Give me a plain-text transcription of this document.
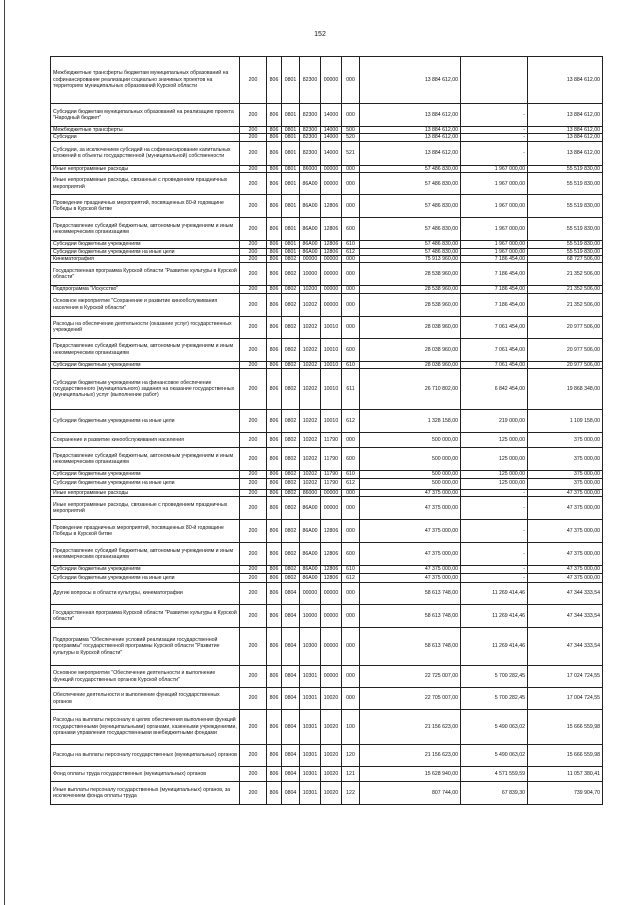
152
Межбюджетные трансферты бюджетам муниципальных образований на софинансирование реализации социально значимых проектов на территориях муниципальных образований Курской области	200	806	0801	82300	00000	000	13 884 612,00		13 884 612,00
Субсидии бюджетам муниципальных образований на реализацию проекта "Народный бюджет"	200	806	0801	82300	14000	000	13 884 612,00	-	13 884 612,00
Межбюджетные трансферты	200	806	0801	82300	14000	500	13 884 612,00	-	13 884 612,00
Субсидии	200	806	0801	82300	14000	520	13 884 612,00	-	13 884 612,00
Субсидии, за исключением субсидий на софинансирование капитальных вложений в объекты государственной (муниципальной) собственности	200	806	0801	82300	14000	521	13 884 612,00	-	13 884 612,00
Иные непрограммные расходы	200	806	0801	86000	00000	000	57 486 830,00	1 967 000,00	55 519 830,00
Иные непрограммные расходы, связанные с проведением праздничных мероприятий	200	806	0801	86А00	00000	000	57 486 830,00	1 967 000,00	55 519 830,00
Проведение праздничных мероприятий, посвященных 80-й годовщине Победы в Курской битве	200	806	0801	86А00	12806	000	57 486 830,00	1 967 000,00	55 519 830,00
Предоставление субсидий бюджетным, автономным учреждениям и иным некоммерческим организациям	200	806	0801	86А00	12806	600	57 486 830,00	1 967 000,00	55 519 830,00
Субсидии бюджетным учреждениям	200	806	0801	86А00	12806	610	57 486 830,00	1 967 000,00	55 519 830,00
Субсидии бюджетным учреждениям на иные цели	200	806	0801	86А00	12806	612	57 486 830,00	1 967 000,00	55 519 830,00
Кинематография	200	806	0802	00000	00000	000	75 913 960,00	7 186 454,00	68 727 506,00
Государственная программа Курской области "Развитие культуры в Курской области"	200	806	0802	10000	00000	000	28 538 960,00	7 186 454,00	21 352 506,00
Подпрограмма "Искусство"	200	806	0802	10200	00000	000	28 538 960,00	7 186 454,00	21 352 506,00
Основное мероприятие "Сохранение и развитие кинообслуживания населения в Курской области"	200	806	0802	10202	00000	000	28 538 960,00	7 186 454,00	21 352 506,00
Расходы на обеспечение деятельности (оказание услуг) государственных учреждений	200	806	0802	10202	10010	000	28 038 960,00	7 061 454,00	20 977 506,00
Предоставление субсидий бюджетным, автономным учреждениям и иным некоммерческим организациям	200	806	0802	10202	10010	600	28 038 960,00	7 061 454,00	20 977 506,00
Субсидии бюджетным учреждениям	200	806	0802	10202	10010	610	28 038 960,00	7 061 454,00	20 977 506,00
Субсидии бюджетным учреждениям на финансовое обеспечение государственного (муниципального) задания на оказание государственных (муниципальных) услуг (выполнение работ)	200	806	0802	10202	10010	611	26 710 802,00	6 842 454,00	19 868 348,00
Субсидии бюджетным учреждениям на иные цели	200	806	0802	10202	10010	612	1 328 158,00	219 000,00	1 109 158,00
Сохранение и развитие кинообслуживания населения	200	806	0802	10202	11790	000	500 000,00	125 000,00	375 000,00
Предоставление субсидий бюджетным, автономным учреждениям и иным некоммерческим организациям	200	806	0802	10202	11790	600	500 000,00	125 000,00	375 000,00
Субсидии бюджетным учреждениям	200	806	0802	10202	11790	610	500 000,00	125 000,00	375 000,00
Субсидии бюджетным учреждениям на иные цели	200	806	0802	10202	11790	612	500 000,00	125 000,00	375 000,00
Иные непрограммные расходы	200	806	0802	86000	00000	000	47 375 000,00	-	47 375 000,00
Иные непрограммные расходы, связанные с проведением праздничных мероприятий	200	806	0802	86А00	00000	000	47 375 000,00	-	47 375 000,00
Проведение праздничных мероприятий, посвященных 80-й годовщине Победы в Курской битве	200	806	0802	86А00	12806	000	47 375 000,00	-	47 375 000,00
Предоставление субсидий бюджетным, автономным учреждениям и иным некоммерческим организациям	200	806	0802	86А00	12806	600	47 375 000,00	-	47 375 000,00
Субсидии бюджетным учреждениям	200	806	0802	86А00	12806	610	47 375 000,00	-	47 375 000,00
Субсидии бюджетным учреждениям на иные цели	200	806	0802	86А00	12806	612	47 375 000,00	-	47 375 000,00
Другие вопросы в области культуры, кинематографии	200	806	0804	00000	00000	000	58 613 748,00	11 269 414,46	47 344 333,54
Государственная программа Курской области "Развитие культуры в Курской области"	200	806	0804	10000	00000	000	58 613 748,00	11 269 414,46	47 344 333,54
Подпрограмма "Обеспечение условий реализации государственной программы" государственной программы Курской области "Развитие культуры в Курской области"	200	806	0804	10300	00000	000	58 613 748,00	11 269 414,46	47 344 333,54
Основное мероприятие "Обеспечение деятельности и выполнение функций государственных органов Курской области"	200	806	0804	10301	00000	000	22 725 007,00	5 700 282,45	17 024 724,55
Обеспечение деятельности и выполнение функций государственных органов	200	806	0804	10301	10020	000	22 705 007,00	5 700 282,45	17 004 724,55
Расходы на выплаты персоналу в целях обеспечения выполнения функций государственными (муниципальными) органами, казенными учреждениями, органами управления государственными внебюджетными фондами	200	806	0804	10301	10020	100	21 156 623,00	5 490 063,02	15 666 559,98
Расходы на выплаты персоналу государственных (муниципальных) органов	200	806	0804	10301	10020	120	21 156 623,00	5 490 063,02	15 666 559,98
Фонд оплаты труда государственных (муниципальных) органов	200	806	0804	10301	10020	121	15 628 940,00	4 571 559,59	11 057 380,41
Иные выплаты персоналу государственных (муниципальных) органов, за исключением фонда оплаты труда	200	806	0804	10301	10020	122	807 744,00	67 839,30	739 904,70
